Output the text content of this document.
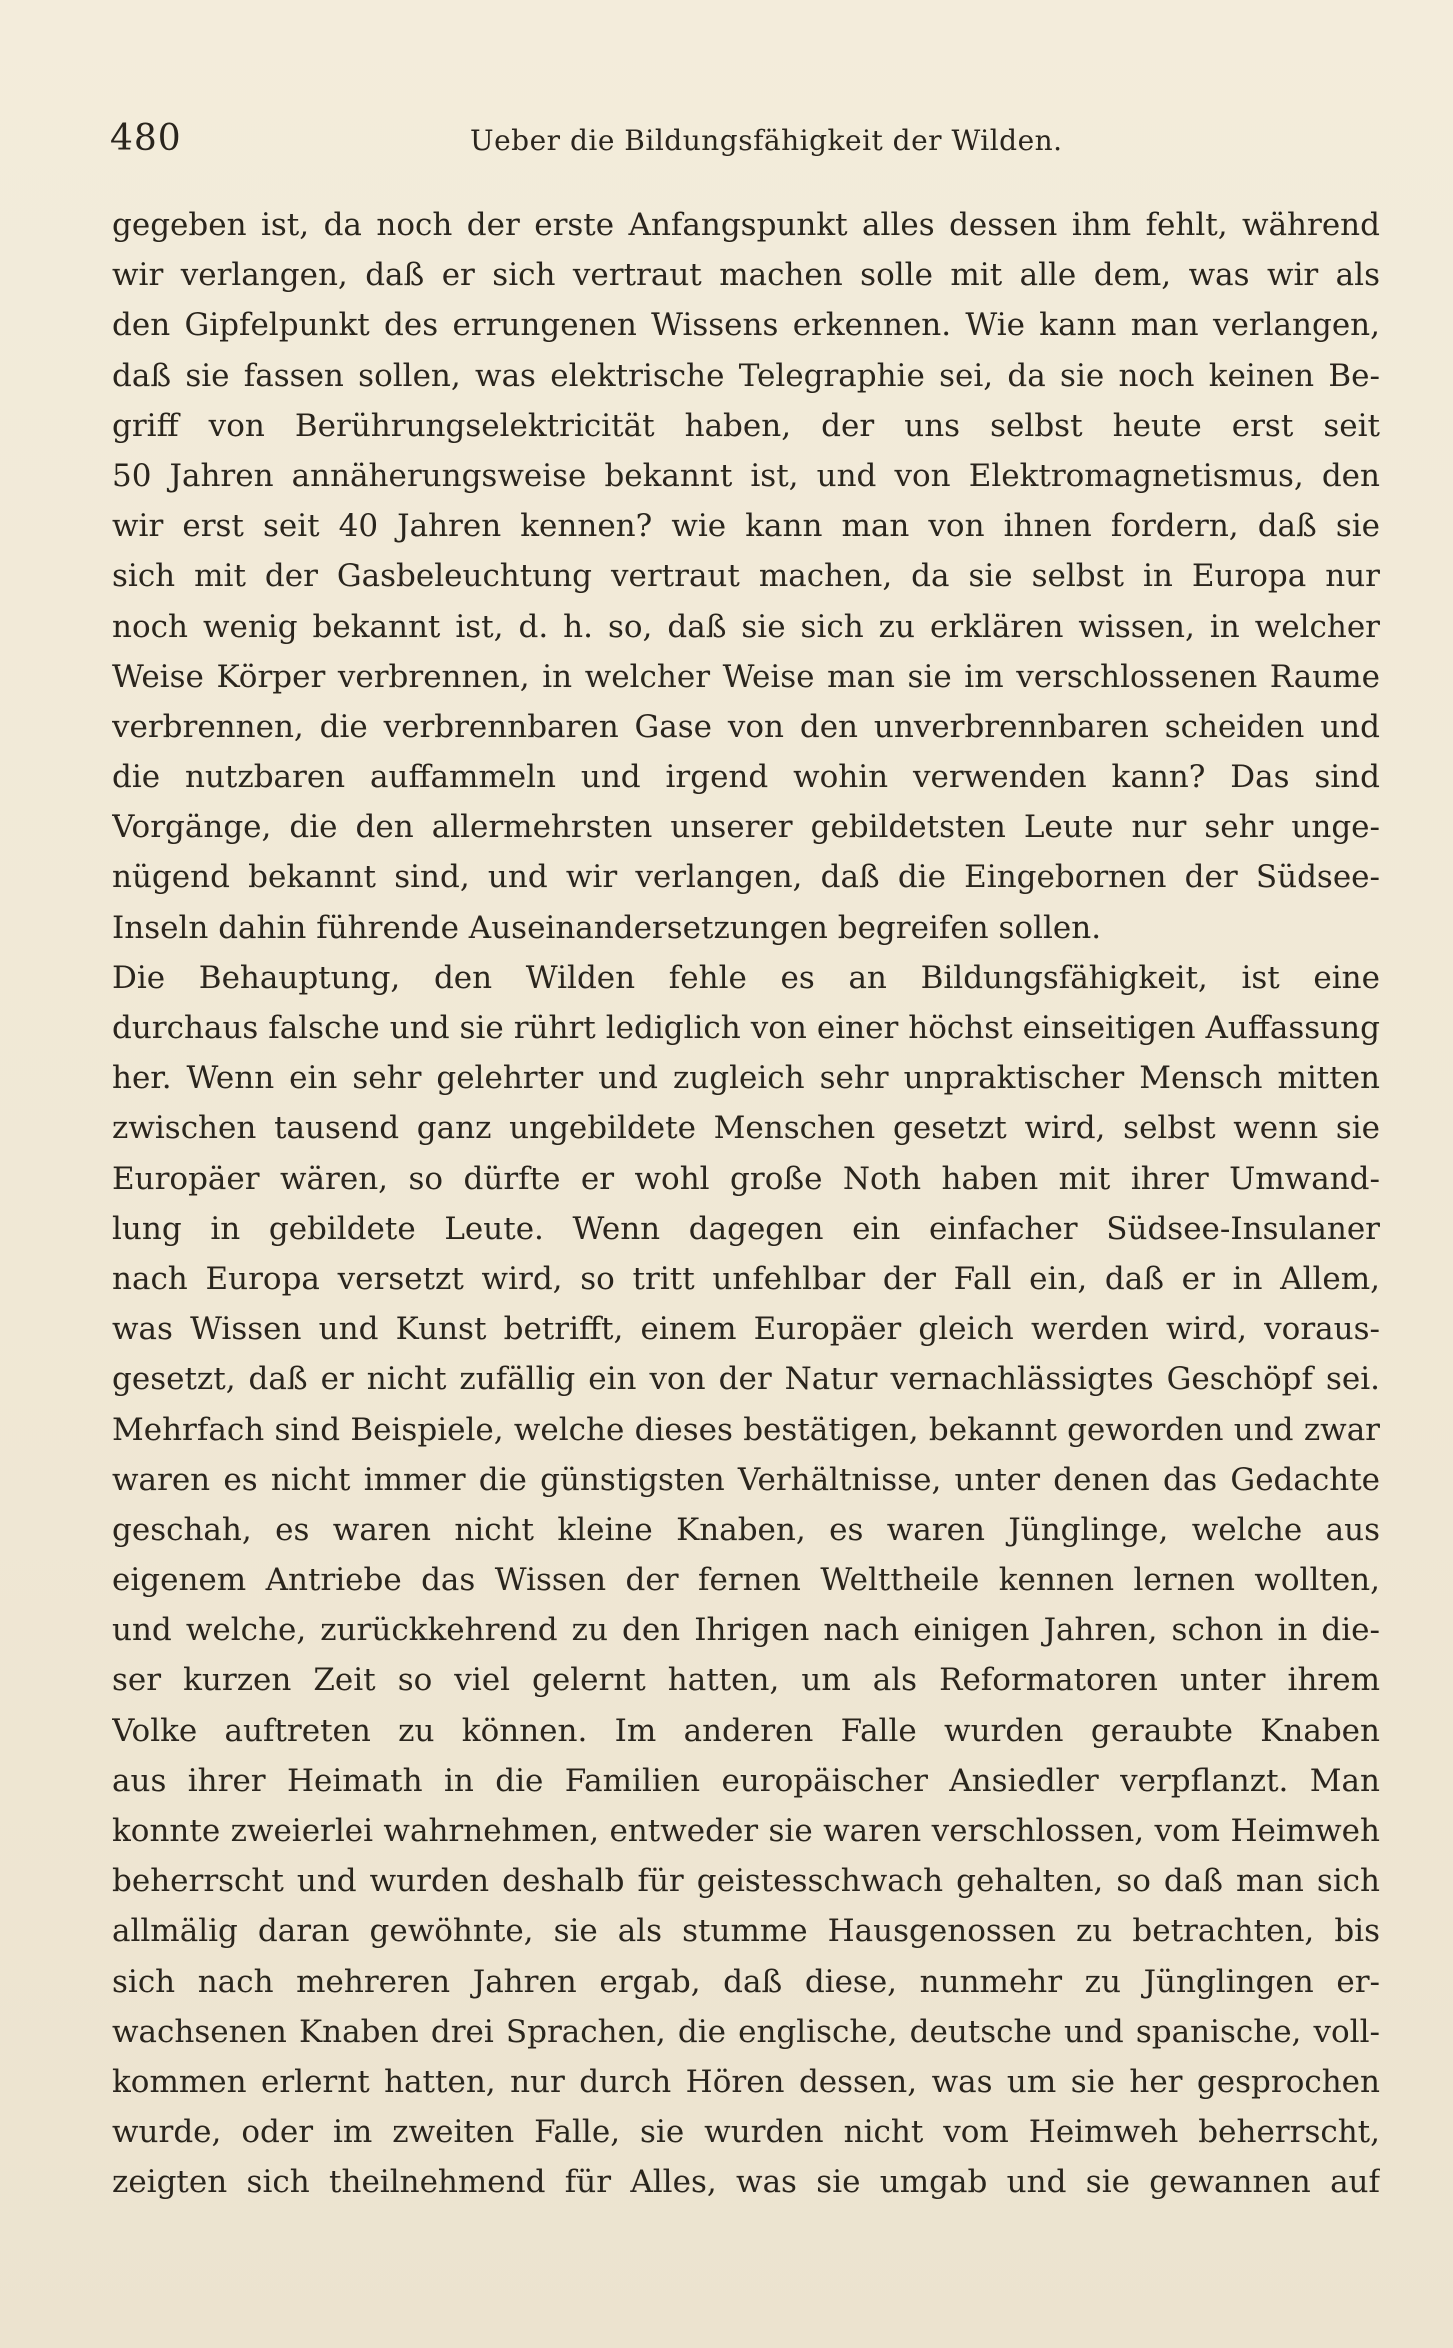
480	Ueber die Bildungsfähigkeit der Wilden.
gegeben ist, da noch der erste Anfangspunkt alles dessen ihm fehlt, während
wir verlangen, daß er sich vertraut machen solle mit alle dem, was wir als
den Gipfelpunkt des errungenen Wissens erkennen. Wie kann man verlangen,
daß sie fassen sollen, was elektrische Telegraphie sei, da sie noch keinen Be-
griff von Berührungselektricität haben, der uns selbst heute erst seit
50 Jahren annäherungsweise bekannt ist, und von Elektromagnetismus, den
wir erst seit 40 Jahren kennen? wie kann man von ihnen fordern, daß sie
sich mit der Gasbeleuchtung vertraut machen, da sie selbst in Europa nur
noch wenig bekannt ist, d. h. so, daß sie sich zu erklären wissen, in welcher
Weise Körper verbrennen, in welcher Weise man sie im verschlossenen Raume
verbrennen, die verbrennbaren Gase von den unverbrennbaren scheiden und
die nutzbaren auffammeln und irgend wohin verwenden kann? Das sind
Vorgänge, die den allermehrsten unserer gebildetsten Leute nur sehr unge-
nügend bekannt sind, und wir verlangen, daß die Eingebornen der Südsee-
Inseln dahin führende Auseinandersetzungen begreifen sollen.
Die Behauptung, den Wilden fehle es an Bildungsfähigkeit, ist eine
durchaus falsche und sie rührt lediglich von einer höchst einseitigen Auffassung
her. Wenn ein sehr gelehrter und zugleich sehr unpraktischer Mensch mitten
zwischen tausend ganz ungebildete Menschen gesetzt wird, selbst wenn sie
Europäer wären, so dürfte er wohl große Noth haben mit ihrer Umwand-
lung in gebildete Leute. Wenn dagegen ein einfacher Südsee-Insulaner
nach Europa versetzt wird, so tritt unfehlbar der Fall ein, daß er in Allem,
was Wissen und Kunst betrifft, einem Europäer gleich werden wird, voraus-
gesetzt, daß er nicht zufällig ein von der Natur vernachlässigtes Geschöpf sei.
Mehrfach sind Beispiele, welche dieses bestätigen, bekannt geworden und zwar
waren es nicht immer die günstigsten Verhältnisse, unter denen das Gedachte
geschah, es waren nicht kleine Knaben, es waren Jünglinge, welche aus
eigenem Antriebe das Wissen der fernen Welttheile kennen lernen wollten,
und welche, zurückkehrend zu den Ihrigen nach einigen Jahren, schon in die-
ser kurzen Zeit so viel gelernt hatten, um als Reformatoren unter ihrem
Volke auftreten zu können. Im anderen Falle wurden geraubte Knaben
aus ihrer Heimath in die Familien europäischer Ansiedler verpflanzt. Man
konnte zweierlei wahrnehmen, entweder sie waren verschlossen, vom Heimweh
beherrscht und wurden deshalb für geistesschwach gehalten, so daß man sich
allmälig daran gewöhnte, sie als stumme Hausgenossen zu betrachten, bis
sich nach mehreren Jahren ergab, daß diese, nunmehr zu Jünglingen er-
wachsenen Knaben drei Sprachen, die englische, deutsche und spanische, voll-
kommen erlernt hatten, nur durch Hören dessen, was um sie her gesprochen
wurde, oder im zweiten Falle, sie wurden nicht vom Heimweh beherrscht,
zeigten sich theilnehmend für Alles, was sie umgab und sie gewannen auf
